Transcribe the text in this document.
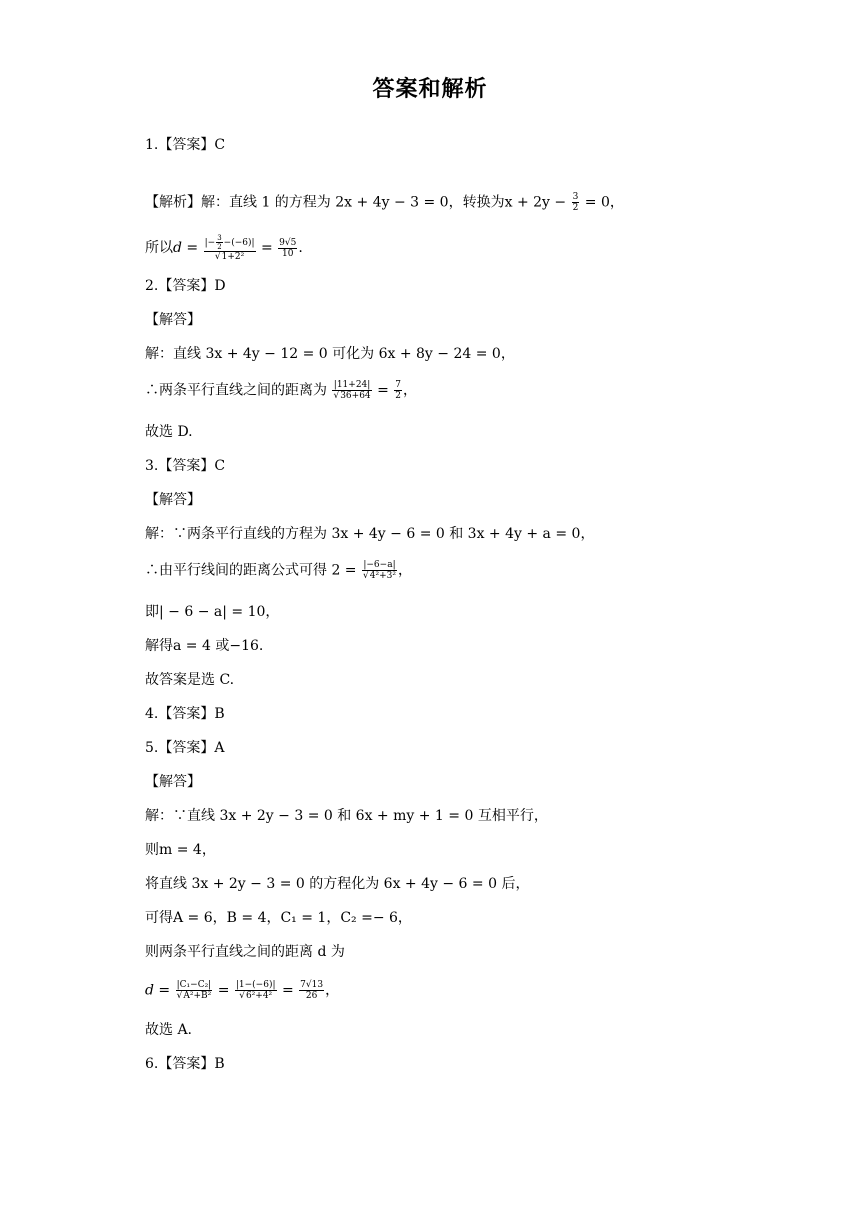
答案和解析
1.【答案】C
【解析】解：直线 1 的方程为 2x + 4y − 3 = 0，转换为$x + 2y - \frac{3}{2} = 0$，
所以$d = \frac{|- \frac{3}{2} -(-6)|}{\text{√1+2²}} = \frac{9√5}{10}$ .
2.【答案】D
【解答】
解：直线 3x + 4y − 12 = 0 可化为 6x + 8y − 24 = 0，
∴两条平行直线之间的距离为 $\frac{|11+24|}{√36+64} = \frac{7}{2}$ ，
故选 D.
3.【答案】C
【解答】
解：∵两条平行直线的方程为 3x + 4y − 6 = 0 和 3x + 4y + a = 0，
∴由平行线间的距离公式可得 $2 = \frac{|-6-a|}{\text{√4²+3²}}$ ，
即| − 6 − a| = 10，
解得a = 4 或−16.
故答案是选 C.
4.【答案】B
5.【答案】A
【解答】
解：∵直线 3x + 2y − 3 = 0 和 6x + my + 1 = 0 互相平行，
则m = 4，
将直线 3x + 2y − 3 = 0 的方程化为 6x + 4y − 6 = 0 后，
可得A = 6，B = 4，C₁ = 1，C₂ =− 6，
则两条平行直线之间的距离 d 为
$d = \frac{\text{|C₁−C₂|}}{\text{√A²+B²}} = \frac{|1-(-6)|}{\text{√6²+4²}} = \frac{7√13}{26}$ ，
故选 A.
6.【答案】B
